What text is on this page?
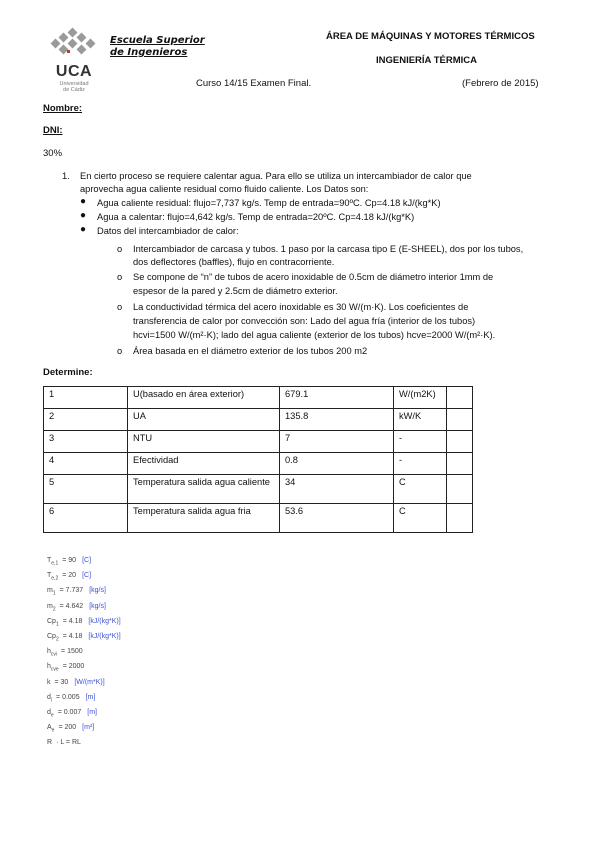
UCA
Universidad
de Cádiz
Escuela Superior
de Ingenieros
ÁREA DE MÁQUINAS Y MOTORES TÉRMICOS
INGENIERÍA TÉRMICA
Curso 14/15 Examen Final.	(Febrero de 2015)
Nombre:
DNI:
30%
1. En cierto proceso se requiere calentar agua. Para ello se utiliza un intercambiador de calor que
aprovecha agua caliente residual como fluido caliente. Los Datos son:
● Agua caliente residual: flujo=7,737 kg/s. Temp de entrada=90ºC. Cp=4.18 kJ/(kg*K)
● Agua a calentar: flujo=4,642 kg/s. Temp de entrada=20ºC. Cp=4.18 kJ/(kg*K)
● Datos del intercambiador de calor:
o Intercambiador de carcasa y tubos. 1 paso por la carcasa tipo E (E-SHEEL), dos por los tubos,
dos deflectores (baffles), flujo en contracorriente.
o Se compone de “n” de tubos de acero inoxidable de 0.5cm de diámetro interior 1mm de
espesor de la pared y 2.5cm de diámetro exterior.
o La conductividad térmica del acero inoxidable es 30 W/(m·K). Los coeficientes de
transferencia de calor por convección son: Lado del agua fría (interior de los tubos)
hcvi=1500 W/(m²·K); lado del agua caliente (exterior de los tubos) hcve=2000 W/(m²·K).
o Área basada en el diámetro exterior de los tubos 200 m2
Determine:
1	U(basado en área exterior)	679.1	W/(m2K)	
2	UA	135.8	kW/K	
3	NTU	7	-	
4	Efectividad	0.8	-	
5	Temperatura salida agua caliente	34	C	
6	Temperatura salida agua fria	53.6	C	
$T_{e,1} = 90$ [C]
$T_{e,2} = 20$ [C]
$m_1 = 7.737$ [kg/s]
$m_2 = 4.642$ [kg/s]
$Cp_1 = 4.18$ [kJ/(kg*K)]
$Cp_2 = 4.18$ [kJ/(kg*K)]
$h_{cvi} = 1500$
$h_{cve} = 2000$
k = 30 [W/(m*K)]
$d_i = 0.005$ [m]
$d_e = 0.007$ [m]
$A_e = 200$ [m²]
R · L = RL
